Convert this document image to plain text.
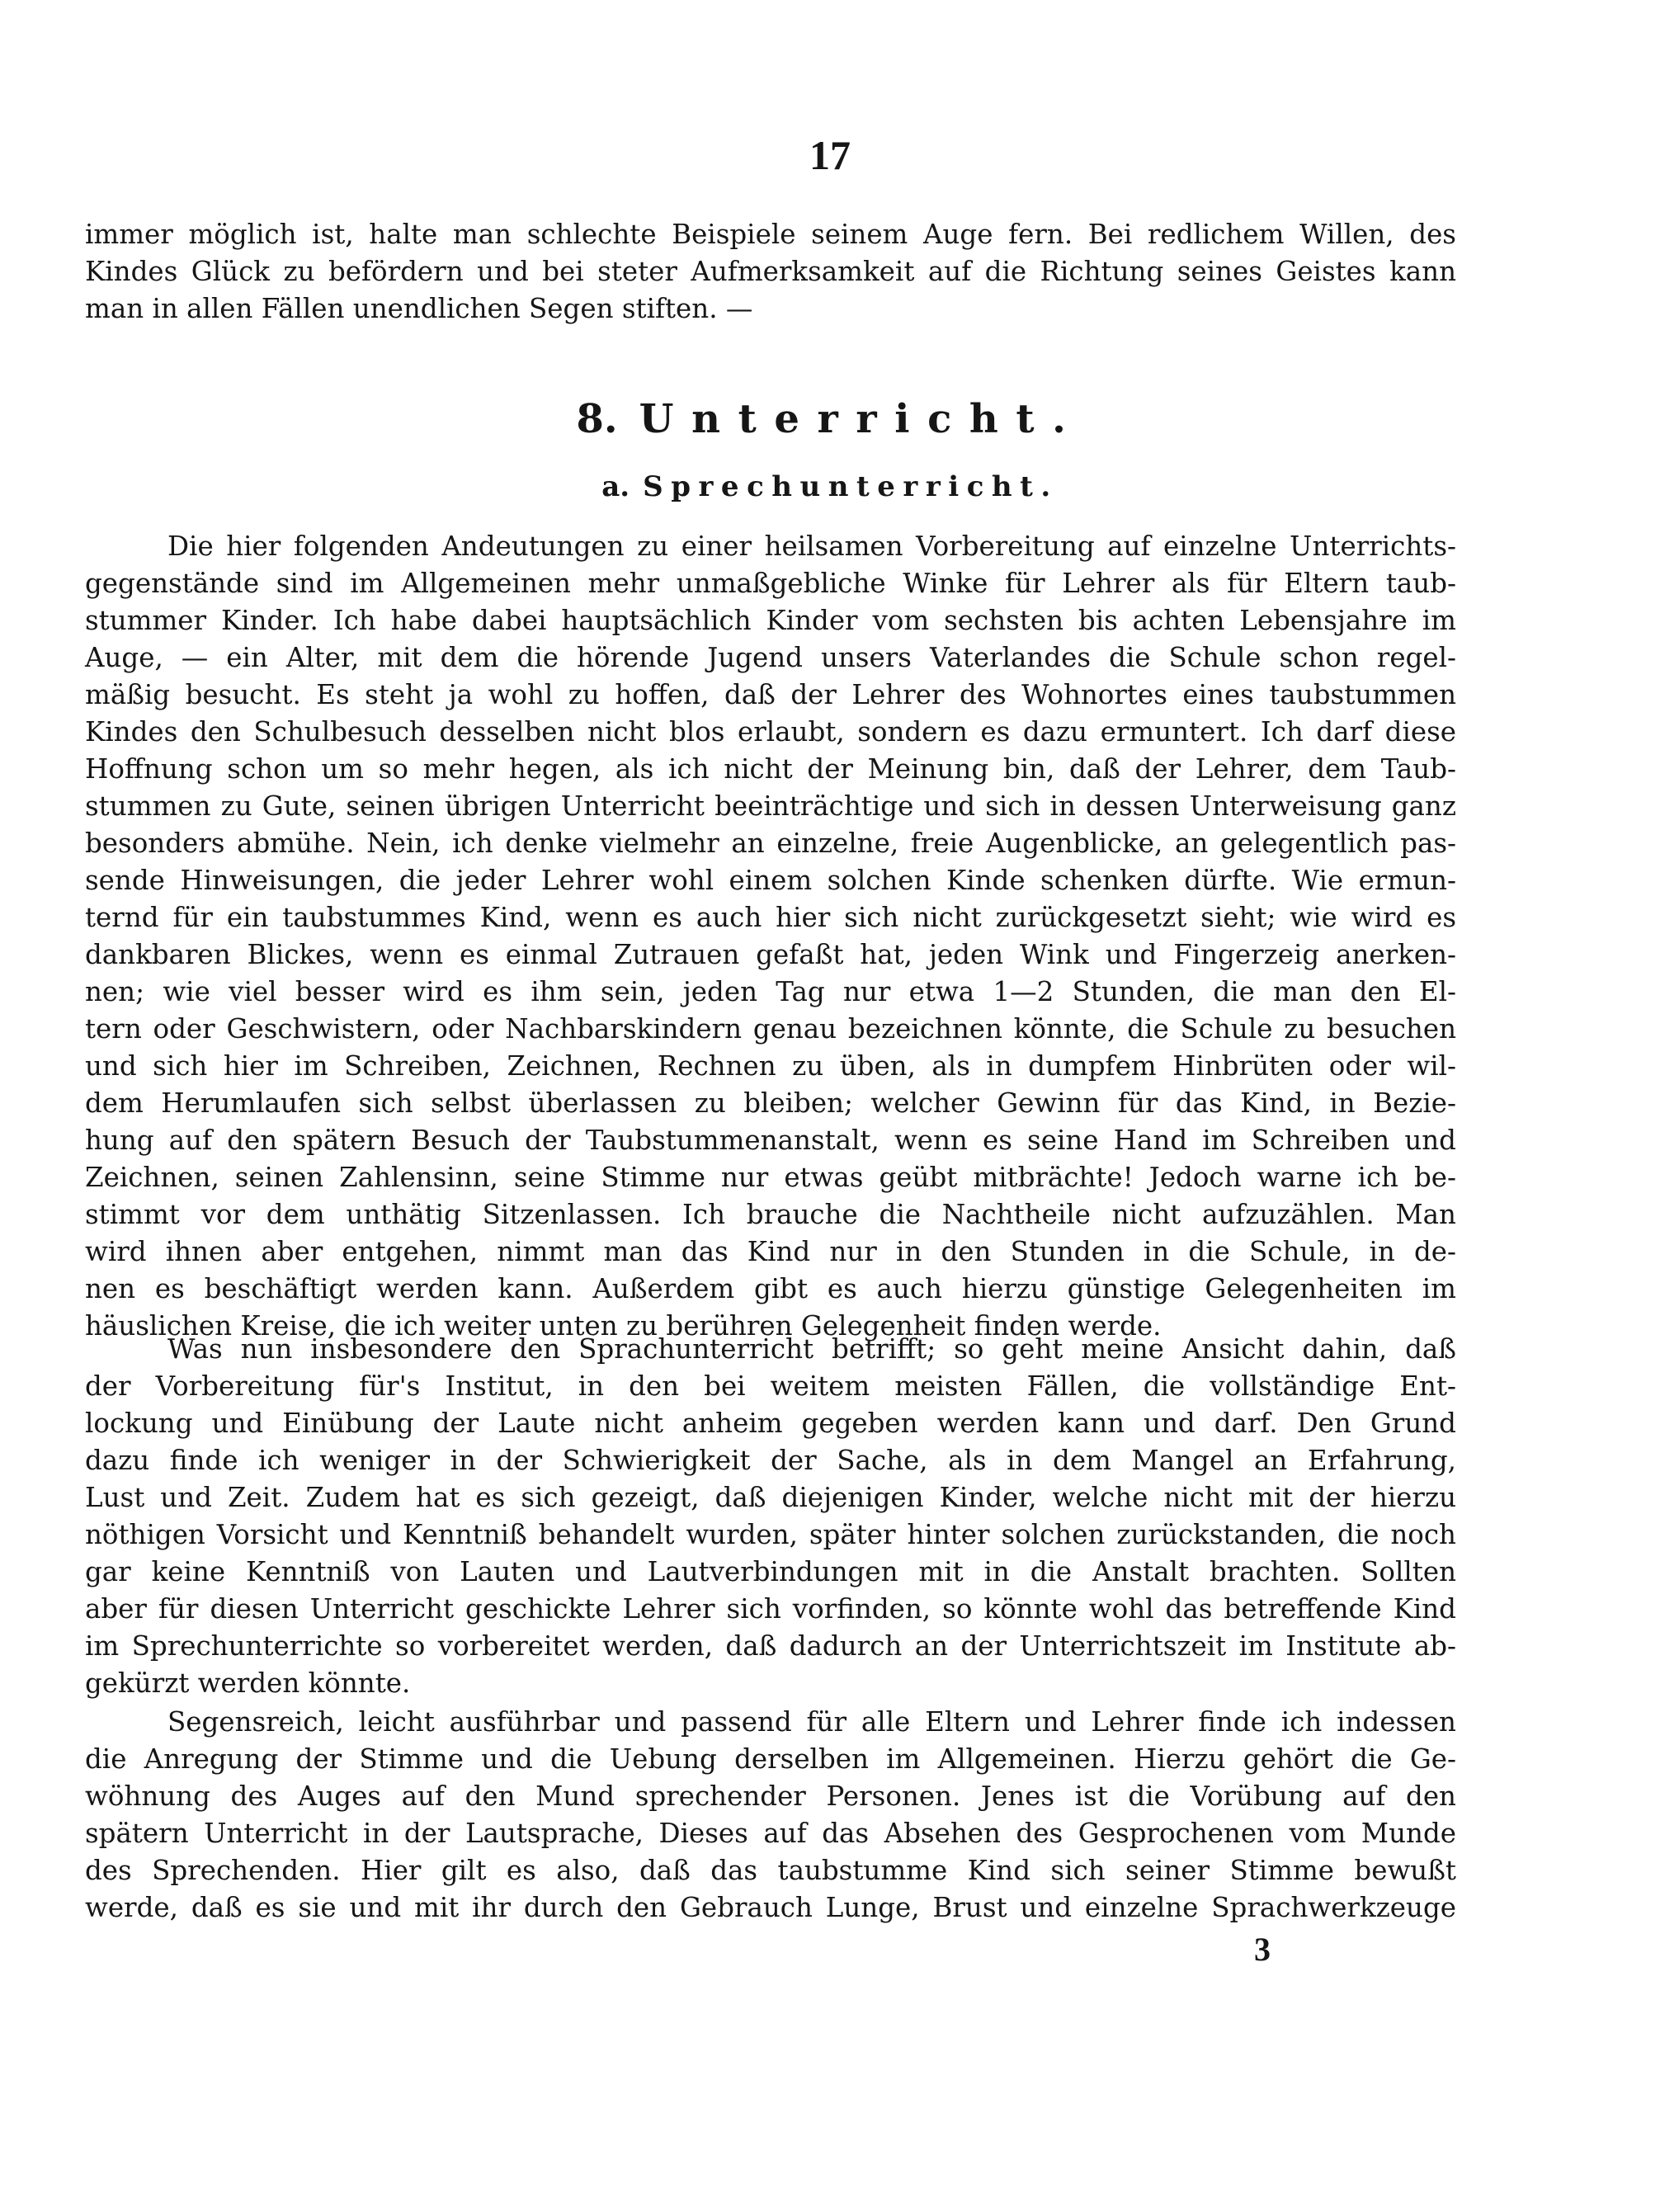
17
immer möglich ist, halte man schlechte Beispiele seinem Auge fern. Bei redlichem Willen, des
Kindes Glück zu befördern und bei steter Aufmerksamkeit auf die Richtung seines Geistes kann
man in allen Fällen unendlichen Segen stiften. —
8. Unterricht.
a. Sprechunterricht.
Die hier folgenden Andeutungen zu einer heilsamen Vorbereitung auf einzelne Unterrichts-
gegenstände sind im Allgemeinen mehr unmaßgebliche Winke für Lehrer als für Eltern taub-
stummer Kinder. Ich habe dabei hauptsächlich Kinder vom sechsten bis achten Lebensjahre im
Auge, — ein Alter, mit dem die hörende Jugend unsers Vaterlandes die Schule schon regel-
mäßig besucht. Es steht ja wohl zu hoffen, daß der Lehrer des Wohnortes eines taubstummen
Kindes den Schulbesuch desselben nicht blos erlaubt, sondern es dazu ermuntert. Ich darf diese
Hoffnung schon um so mehr hegen, als ich nicht der Meinung bin, daß der Lehrer, dem Taub-
stummen zu Gute, seinen übrigen Unterricht beeinträchtige und sich in dessen Unterweisung ganz
besonders abmühe. Nein, ich denke vielmehr an einzelne, freie Augenblicke, an gelegentlich pas-
sende Hinweisungen, die jeder Lehrer wohl einem solchen Kinde schenken dürfte. Wie ermun-
ternd für ein taubstummes Kind, wenn es auch hier sich nicht zurückgesetzt sieht; wie wird es
dankbaren Blickes, wenn es einmal Zutrauen gefaßt hat, jeden Wink und Fingerzeig anerken-
nen; wie viel besser wird es ihm sein, jeden Tag nur etwa 1—2 Stunden, die man den El-
tern oder Geschwistern, oder Nachbarskindern genau bezeichnen könnte, die Schule zu besuchen
und sich hier im Schreiben, Zeichnen, Rechnen zu üben, als in dumpfem Hinbrüten oder wil-
dem Herumlaufen sich selbst überlassen zu bleiben; welcher Gewinn für das Kind, in Bezie-
hung auf den spätern Besuch der Taubstummenanstalt, wenn es seine Hand im Schreiben und
Zeichnen, seinen Zahlensinn, seine Stimme nur etwas geübt mitbrächte! Jedoch warne ich be-
stimmt vor dem unthätig Sitzenlassen. Ich brauche die Nachtheile nicht aufzuzählen. Man
wird ihnen aber entgehen, nimmt man das Kind nur in den Stunden in die Schule, in de-
nen es beschäftigt werden kann. Außerdem gibt es auch hierzu günstige Gelegenheiten im
häuslichen Kreise, die ich weiter unten zu berühren Gelegenheit finden werde.
Was nun insbesondere den Sprachunterricht betrifft; so geht meine Ansicht dahin, daß
der Vorbereitung für's Institut, in den bei weitem meisten Fällen, die vollständige Ent-
lockung und Einübung der Laute nicht anheim gegeben werden kann und darf. Den Grund
dazu finde ich weniger in der Schwierigkeit der Sache, als in dem Mangel an Erfahrung,
Lust und Zeit. Zudem hat es sich gezeigt, daß diejenigen Kinder, welche nicht mit der hierzu
nöthigen Vorsicht und Kenntniß behandelt wurden, später hinter solchen zurückstanden, die noch
gar keine Kenntniß von Lauten und Lautverbindungen mit in die Anstalt brachten. Sollten
aber für diesen Unterricht geschickte Lehrer sich vorfinden, so könnte wohl das betreffende Kind
im Sprechunterrichte so vorbereitet werden, daß dadurch an der Unterrichtszeit im Institute ab-
gekürzt werden könnte.
Segensreich, leicht ausführbar und passend für alle Eltern und Lehrer finde ich indessen
die Anregung der Stimme und die Uebung derselben im Allgemeinen. Hierzu gehört die Ge-
wöhnung des Auges auf den Mund sprechender Personen. Jenes ist die Vorübung auf den
spätern Unterricht in der Lautsprache, Dieses auf das Absehen des Gesprochenen vom Munde
des Sprechenden. Hier gilt es also, daß das taubstumme Kind sich seiner Stimme bewußt
werde, daß es sie und mit ihr durch den Gebrauch Lunge, Brust und einzelne Sprachwerkzeuge
3
